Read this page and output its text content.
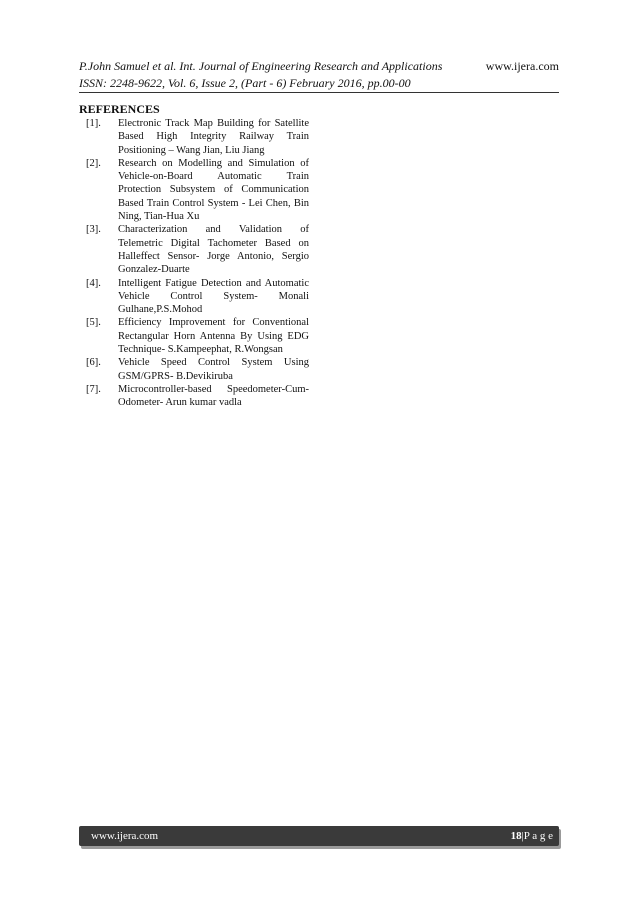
P.John Samuel et al. Int. Journal of Engineering Research and Applications	www.ijera.com
ISSN: 2248-9622, Vol. 6, Issue 2, (Part - 6) February 2016, pp.00-00
REFERENCES
[1].	Electronic Track Map Building for Satellite Based High Integrity Railway Train Positioning – Wang Jian, Liu Jiang
[2].	Research on Modelling and Simulation of Vehicle-on-Board Automatic Train Protection Subsystem of Communication Based Train Control System - Lei Chen, Bin Ning, Tian-Hua Xu
[3].	Characterization and Validation of Telemetric Digital Tachometer Based on Halleffect Sensor- Jorge Antonio, Sergio Gonzalez-Duarte
[4].	Intelligent Fatigue Detection and Automatic Vehicle Control System- Monali Gulhane,P.S.Mohod
[5].	Efficiency Improvement for Conventional Rectangular Horn Antenna By Using EDG Technique- S.Kampeephat, R.Wongsan
[6].	Vehicle Speed Control System Using GSM/GPRS- B.Devikiruba
[7].	Microcontroller-based Speedometer-Cum-Odometer- Arun kumar vadla
www.ijera.com	18|P a g e
